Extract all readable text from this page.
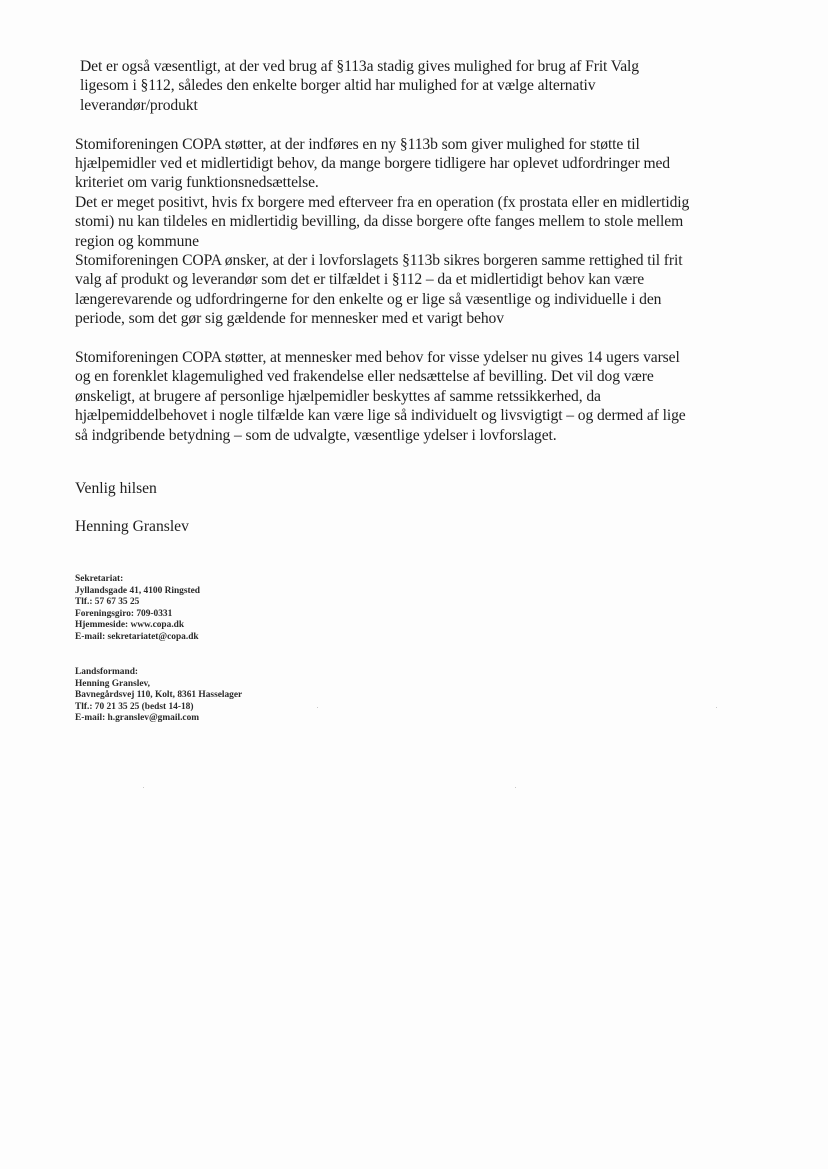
Det er også væsentligt, at der ved brug af §113a stadig gives mulighed for brug af Frit Valg

ligesom i §112, således den enkelte borger altid har mulighed for at vælge alternativ

leverandør/produkt

Stomiforeningen COPA støtter, at der indføres en ny §113b som giver mulighed for støtte til

hjælpemidler ved et midlertidigt behov, da mange borgere tidligere har oplevet udfordringer med

kriteriet om varig funktionsnedsættelse.

Det er meget positivt, hvis fx borgere med efterveer fra en operation (fx prostata eller en midlertidig

stomi) nu kan tildeles en midlertidig bevilling, da disse borgere ofte fanges mellem to stole mellem

region og kommune

Stomiforeningen COPA ønsker, at der i lovforslagets §113b sikres borgeren samme rettighed til frit

valg af produkt og leverandør som det er tilfældet i §112 – da et midlertidigt behov kan være

længerevarende og udfordringerne for den enkelte og er lige så væsentlige og individuelle i den

periode, som det gør sig gældende for mennesker med et varigt behov

Stomiforeningen COPA støtter, at mennesker med behov for visse ydelser nu gives 14 ugers varsel

og en forenklet klagemulighed ved frakendelse eller nedsættelse af bevilling. Det vil dog være

ønskeligt, at brugere af personlige hjælpemidler beskyttes af samme retssikkerhed, da

hjælpemiddelbehovet i nogle tilfælde kan være lige så individuelt og livsvigtigt – og dermed af lige

så indgribende betydning – som de udvalgte, væsentlige ydelser i lovforslaget.

Venlig hilsen

Henning Granslev

Sekretariat:
Jyllandsgade 41, 4100 Ringsted
Tlf.: 57 67 35 25
Foreningsgiro: 709-0331
Hjemmeside: www.copa.dk
E-mail: sekretariatet@copa.dk
Landsformand:
Henning Granslev,
Bavnegårdsvej 110, Kolt, 8361 Hasselager
Tlf.: 70 21 35 25 (bedst 14-18)
E-mail: h.granslev@gmail.com
